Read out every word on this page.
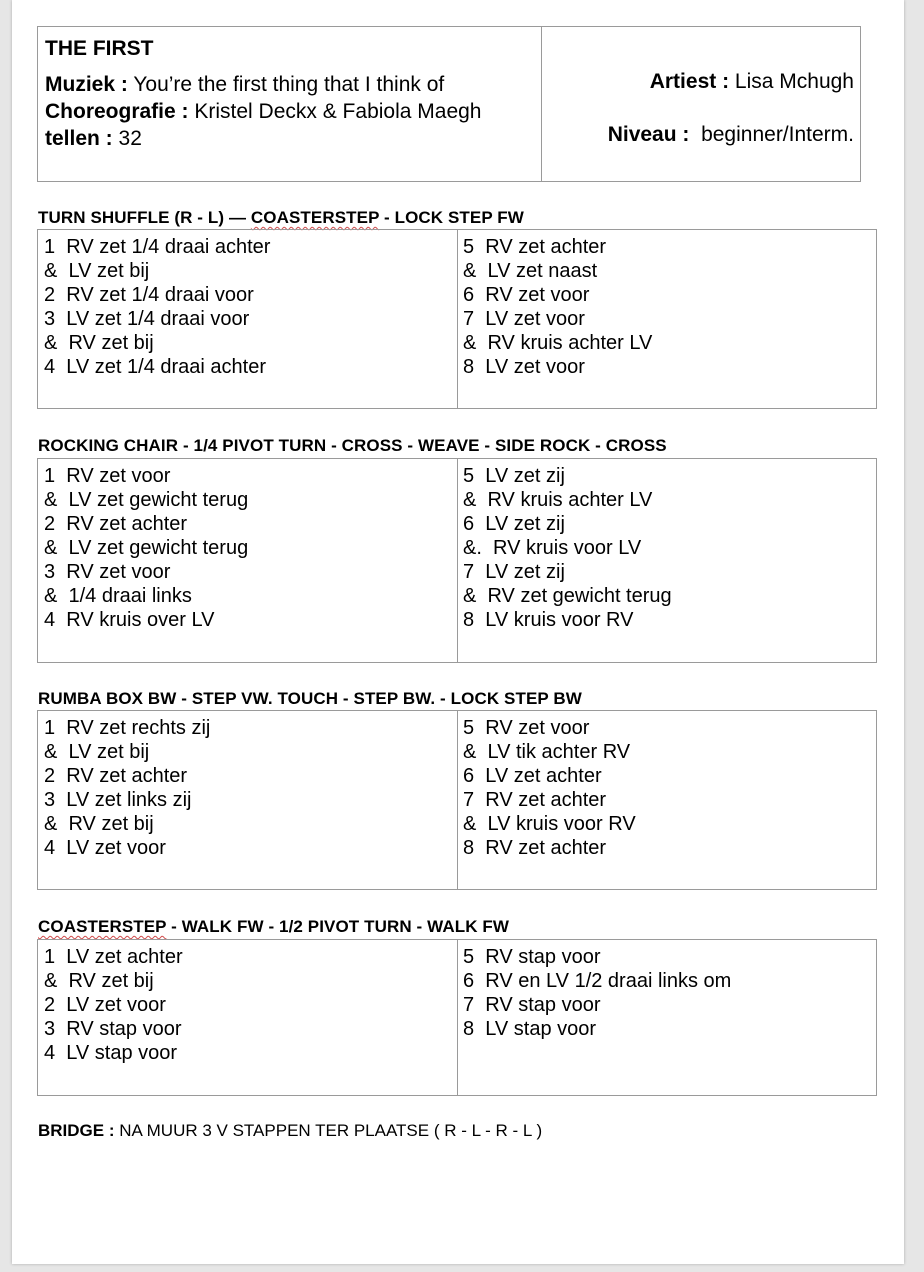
THE FIRST
Muziek : You’re the first thing that I think of
Choreografie : Kristel Deckx & Fabiola Maegh
tellen : 32
Artiest : Lisa Mchugh
Niveau : beginner/Interm.
TURN SHUFFLE (R - L) — COASTERSTEP - LOCK STEP FW
1 RV zet 1/4 draai achter
& LV zet bij
2 RV zet 1/4 draai voor
3 LV zet 1/4 draai voor
& RV zet bij
4 LV zet 1/4 draai achter
5 RV zet achter
& LV zet naast
6 RV zet voor
7 LV zet voor
& RV kruis achter LV
8 LV zet voor
ROCKING CHAIR - 1/4 PIVOT TURN - CROSS - WEAVE - SIDE ROCK - CROSS
1 RV zet voor
& LV zet gewicht terug
2 RV zet achter
& LV zet gewicht terug
3 RV zet voor
& 1/4 draai links
4 RV kruis over LV
5 LV zet zij
& RV kruis achter LV
6 LV zet zij
&. RV kruis voor LV
7 LV zet zij
& RV zet gewicht terug
8 LV kruis voor RV
RUMBA BOX BW - STEP VW. TOUCH - STEP BW. - LOCK STEP BW
1 RV zet rechts zij
& LV zet bij
2 RV zet achter
3 LV zet links zij
& RV zet bij
4 LV zet voor
5 RV zet voor
& LV tik achter RV
6 LV zet achter
7 RV zet achter
& LV kruis voor RV
8 RV zet achter
COASTERSTEP - WALK FW - 1/2 PIVOT TURN - WALK FW
1 LV zet achter
& RV zet bij
2 LV zet voor
3 RV stap voor
4 LV stap voor
5 RV stap voor
6 RV en LV 1/2 draai links om
7 RV stap voor
8 LV stap voor
BRIDGE : NA MUUR 3 V STAPPEN TER PLAATSE ( R - L - R - L )
